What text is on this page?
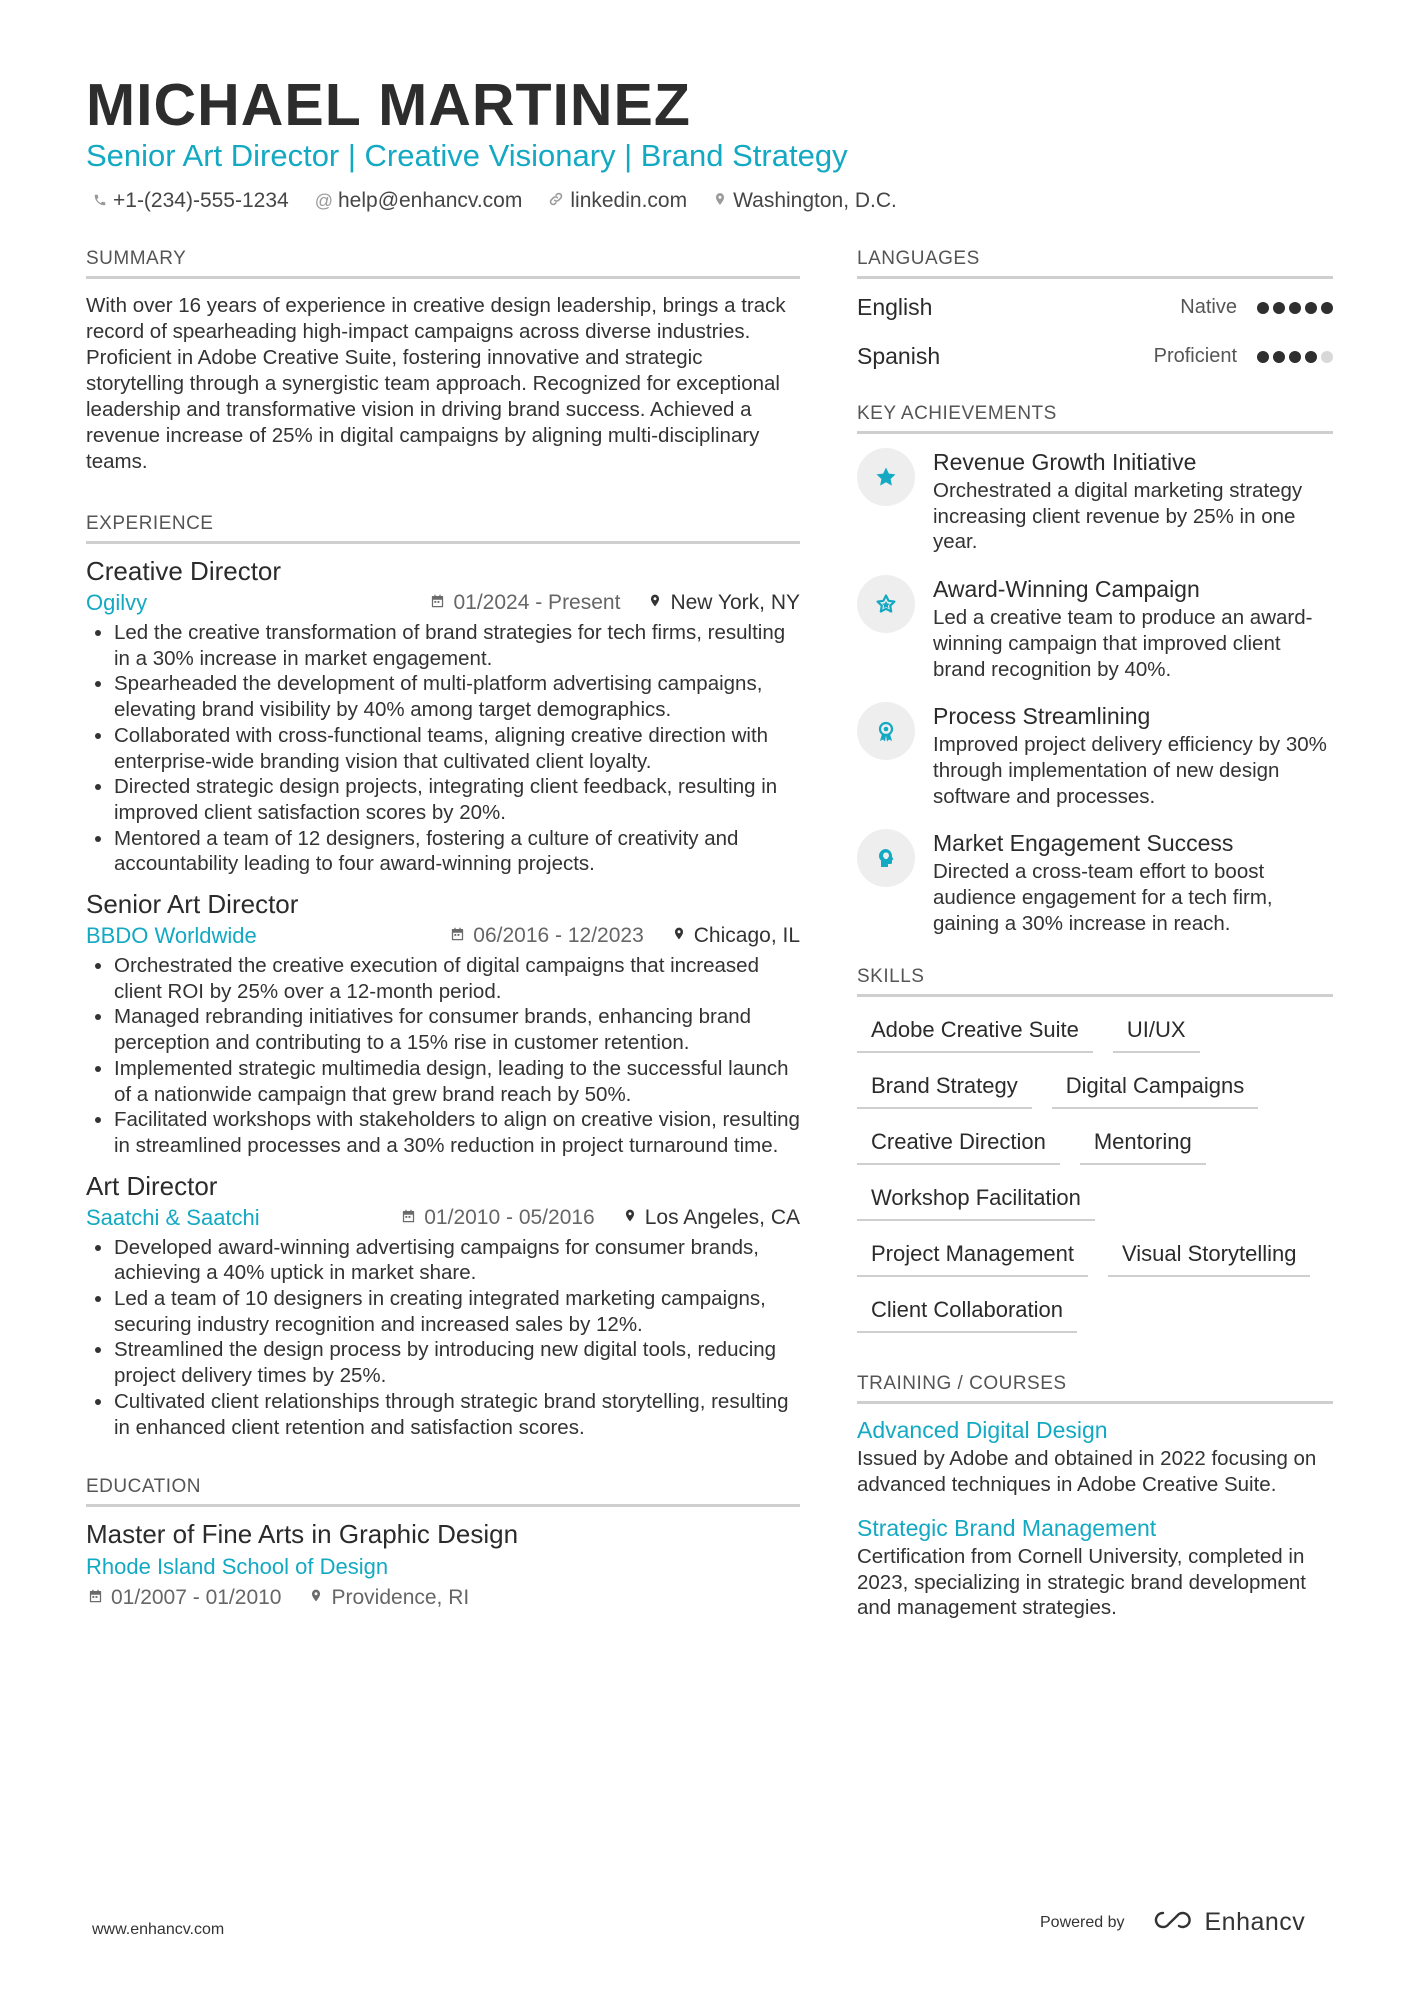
MICHAEL MARTINEZ
Senior Art Director | Creative Visionary | Brand Strategy
+1-(234)-555-1234 @ help@enhancv.com linkedin.com Washington, D.C.
SUMMARY

With over 16 years of experience in creative design leadership, brings a track record of spearheading high-impact campaigns across diverse industries. Proficient in Adobe Creative Suite, fostering innovative and strategic storytelling through a synergistic team approach. Recognized for exceptional leadership and transformative vision in driving brand success. Achieved a revenue increase of 25% in digital campaigns by aligning multi-disciplinary teams.

EXPERIENCE
Creative Director
Ogilvy	01/2024 - Present New York, NY
• Led the creative transformation of brand strategies for tech firms, resulting in a 30% increase in market engagement.
• Spearheaded the development of multi-platform advertising campaigns, elevating brand visibility by 40% among target demographics.
• Collaborated with cross-functional teams, aligning creative direction with enterprise-wide branding vision that cultivated client loyalty.
• Directed strategic design projects, integrating client feedback, resulting in improved client satisfaction scores by 20%.
• Mentored a team of 12 designers, fostering a culture of creativity and accountability leading to four award-winning projects.
Senior Art Director
BBDO Worldwide	06/2016 - 12/2023 Chicago, IL
• Orchestrated the creative execution of digital campaigns that increased client ROI by 25% over a 12-month period.
• Managed rebranding initiatives for consumer brands, enhancing brand perception and contributing to a 15% rise in customer retention.
• Implemented strategic multimedia design, leading to the successful launch of a nationwide campaign that grew brand reach by 50%.
• Facilitated workshops with stakeholders to align on creative vision, resulting in streamlined processes and a 30% reduction in project turnaround time.
Art Director
Saatchi & Saatchi	01/2010 - 05/2016 Los Angeles, CA
• Developed award-winning advertising campaigns for consumer brands, achieving a 40% uptick in market share.
• Led a team of 10 designers in creating integrated marketing campaigns, securing industry recognition and increased sales by 12%.
• Streamlined the design process by introducing new digital tools, reducing project delivery times by 25%.
• Cultivated client relationships through strategic brand storytelling, resulting in enhanced client retention and satisfaction scores.
EDUCATION
Master of Fine Arts in Graphic Design
Rhode Island School of Design
01/2007 - 01/2010 Providence, RI
LANGUAGES
English	Native
Spanish	Proficient
KEY ACHIEVEMENTS
Revenue Growth Initiative
Orchestrated a digital marketing strategy increasing client revenue by 25% in one year.
Award-Winning Campaign
Led a creative team to produce an award-winning campaign that improved client brand recognition by 40%.
Process Streamlining
Improved project delivery efficiency by 30% through implementation of new design software and processes.
Market Engagement Success
Directed a cross-team effort to boost audience engagement for a tech firm, gaining a 30% increase in reach.
SKILLS
Adobe Creative Suite	UI/UX
Brand Strategy	Digital Campaigns
Creative Direction	Mentoring
Workshop Facilitation
Project Management	Visual Storytelling
Client Collaboration
TRAINING / COURSES
Advanced Digital Design
Issued by Adobe and obtained in 2022 focusing on advanced techniques in Adobe Creative Suite.
Strategic Brand Management
Certification from Cornell University, completed in 2023, specializing in strategic brand development and management strategies.
www.enhancv.com	Powered by	Enhancv
